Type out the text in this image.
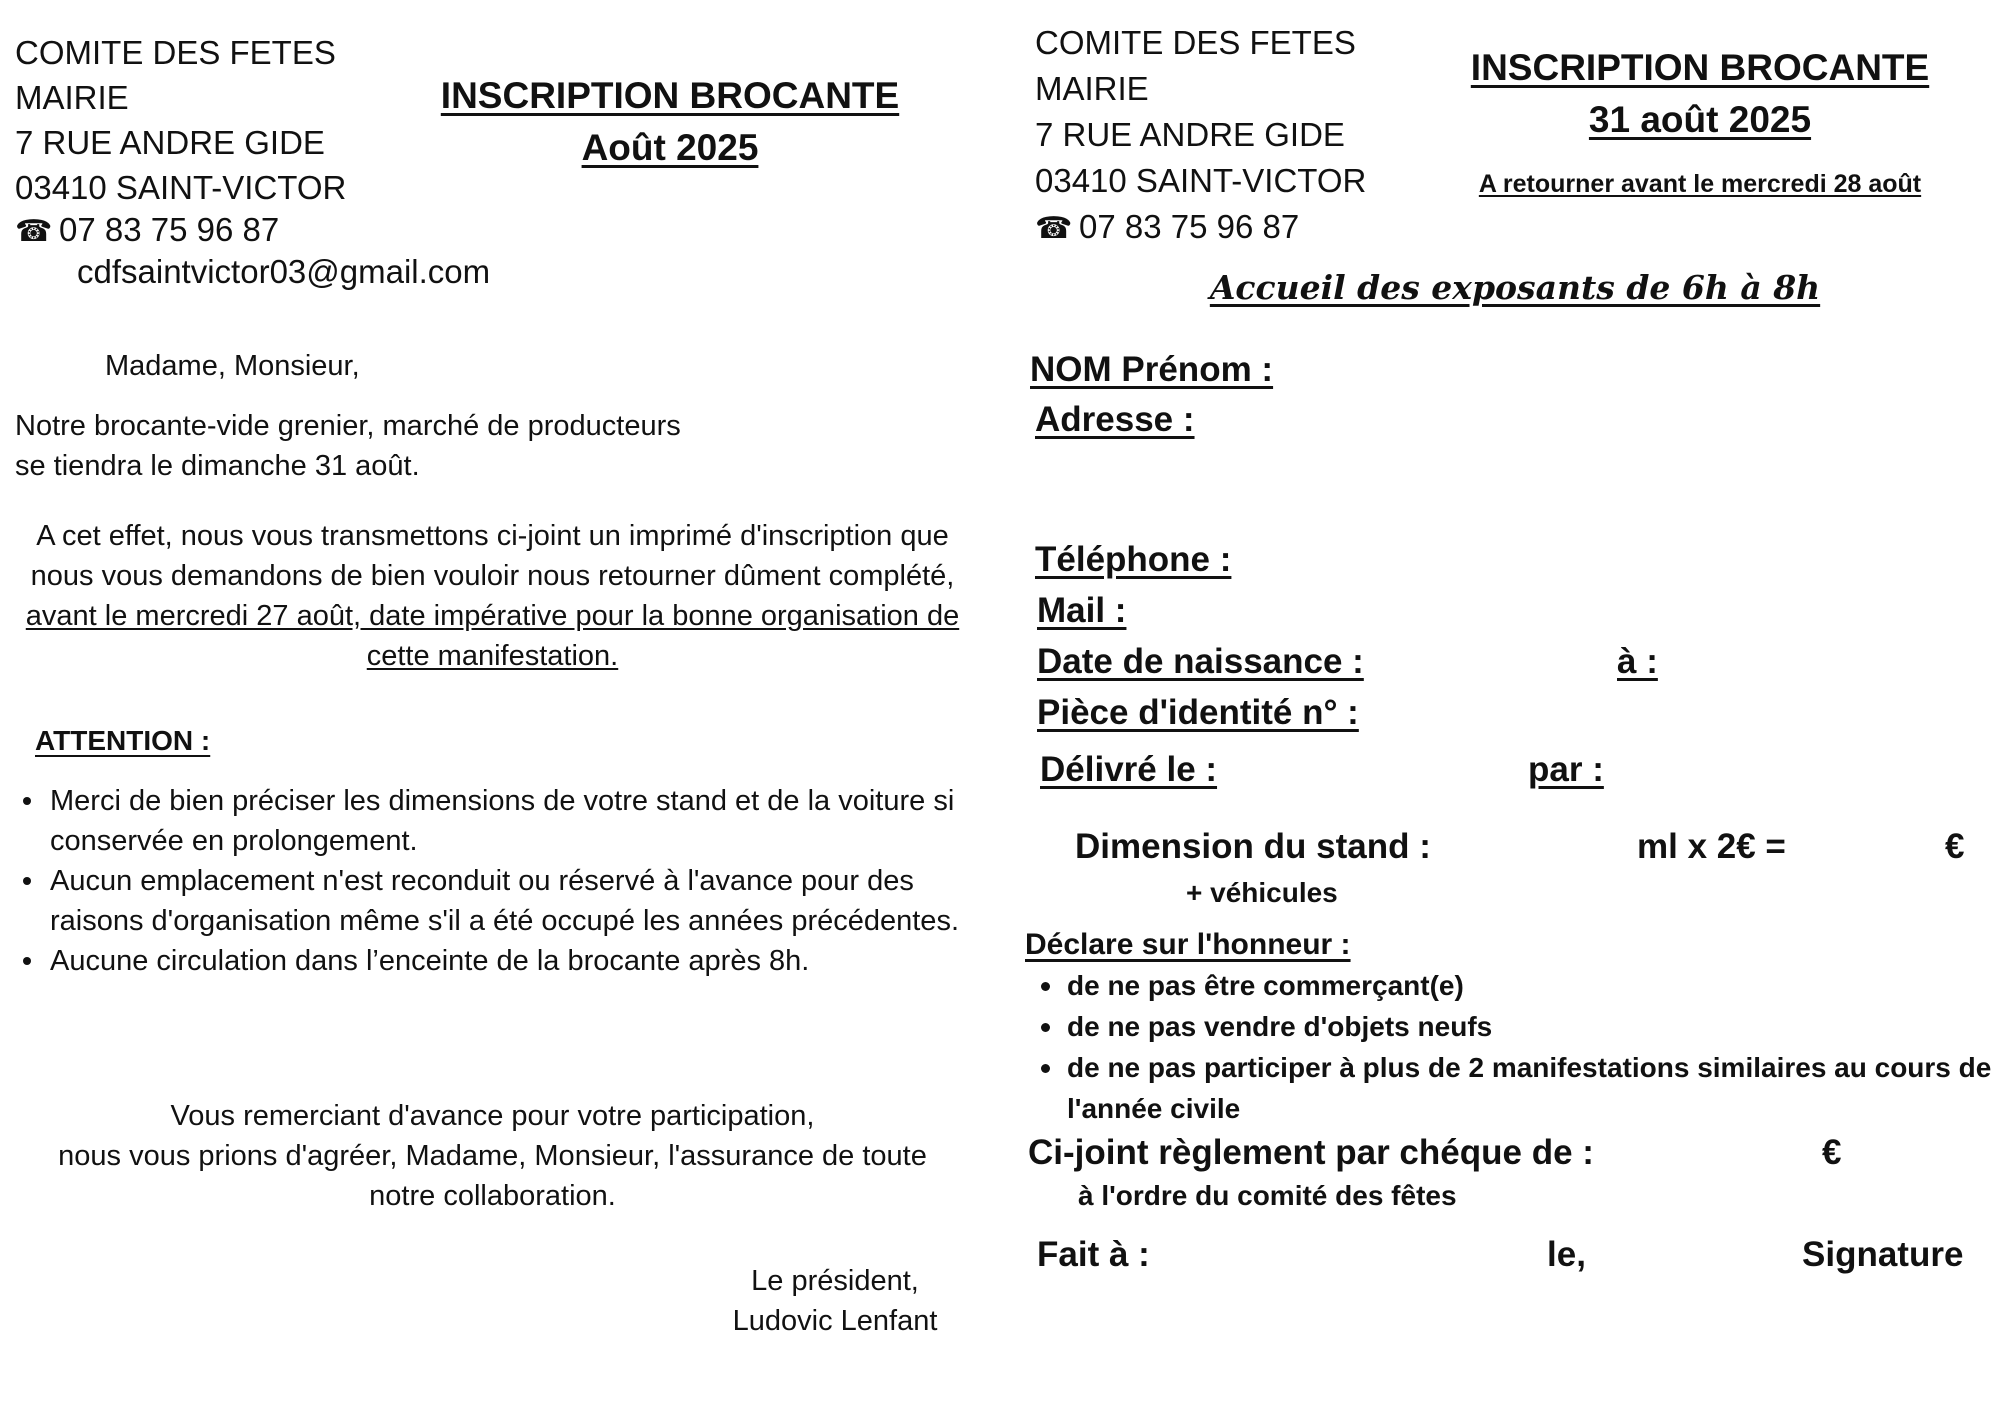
COMITE DES FETES
MAIRIE
7 RUE ANDRE GIDE
03410 SAINT-VICTOR
☎ 07 83 75 96 87
cdfsaintvictor03@gmail.com
INSCRIPTION BROCANTE
Août 2025
Madame, Monsieur,
Notre brocante-vide grenier, marché de producteurs
se tiendra le dimanche 31 août.
A cet effet, nous vous transmettons ci-joint un imprimé d'inscription que nous vous demandons de bien vouloir nous retourner dûment complété, avant le mercredi 27 août, date impérative pour la bonne organisation de cette manifestation.
ATTENTION :
Merci de bien préciser les dimensions de votre stand et de la voiture si conservée en prolongement.
Aucun emplacement n'est reconduit ou réservé à l'avance pour des raisons d'organisation même s'il a été occupé les années précédentes.
Aucune circulation dans l’enceinte de la brocante après 8h.
Vous remerciant d'avance pour votre participation,
nous vous prions d'agréer, Madame, Monsieur, l'assurance de toute
notre collaboration.
Le président,
Ludovic Lenfant
COMITE DES FETES
MAIRIE
7 RUE ANDRE GIDE
03410 SAINT-VICTOR
☎ 07 83 75 96 87
INSCRIPTION BROCANTE
31 août 2025
A retourner avant le mercredi 28 août
Accueil des exposants de 6h à 8h
NOM Prénom :
Adresse :
Téléphone :
Mail :
Date de naissance :	à :
Pièce d'identité n° :
Délivré le :	par :
Dimension du stand :	ml x 2€ =	€
+ véhicules
Déclare sur l'honneur :
de ne pas être commerçant(e)
de ne pas vendre d'objets neufs
de ne pas participer à plus de 2 manifestations similaires au cours de l'année civile
Ci-joint règlement par chéque de :	€
à l'ordre du comité des fêtes
Fait à :	le,	Signature
